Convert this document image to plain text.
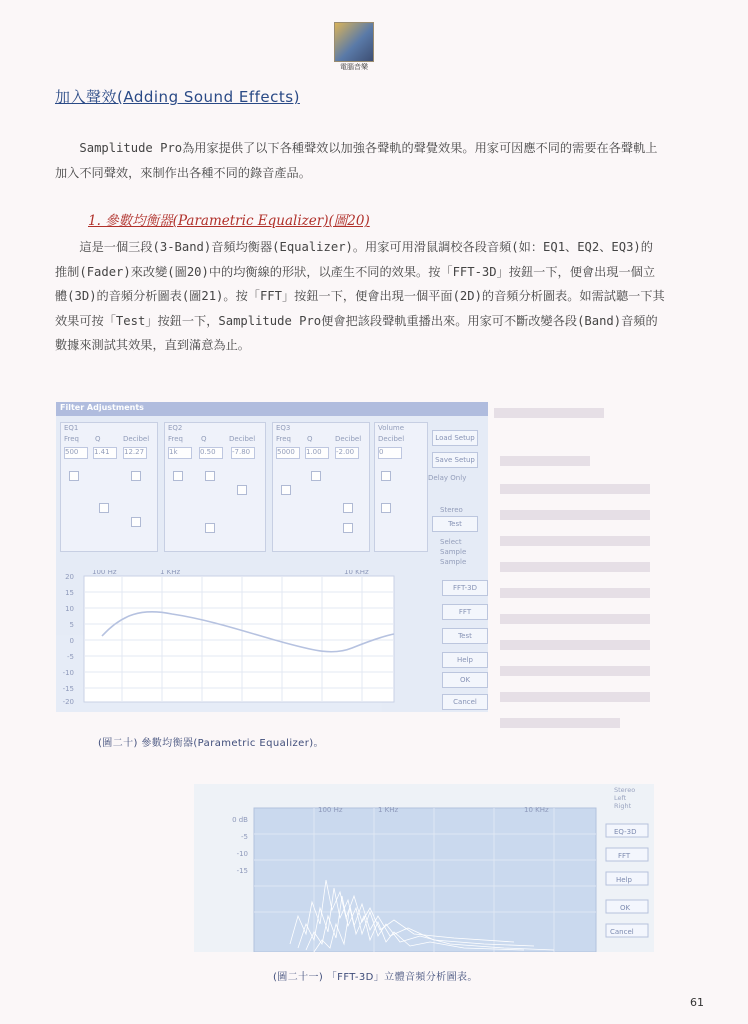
電腦音樂
加入聲效(Adding Sound Effects)
Samplitude Pro為用家提供了以下各種聲效以加強各聲軌的聲覺效果。用家可因應不同的需要在各聲軌上加入不同聲效，來制作出各種不同的錄音產品。
1. 參數均衡器(Parametric Equalizer)(圖20)
這是一個三段(3-Band)音頻均衡器(Equalizer)。用家可用滑鼠調校各段音頻(如：EQ1、EQ2、EQ3)的推制(Fader)來改變(圖20)中的均衡線的形狀，以產生不同的效果。按「FFT-3D」按鈕一下，便會出現一個立體(3D)的音頻分析圖表(圖21)。按「FFT」按鈕一下，便會出現一個平面(2D)的音頻分析圖表。如需試聽一下其效果可按「Test」按鈕一下，Samplitude Pro便會把該段聲軌重播出來。用家可不斷改變各段(Band)音頻的數據來測試其效果，直到滿意為止。
Filter Adjustments
EQ1
Freq Q	Decibel
500	1.41	12.27
EQ2
Freq	Q	Decibel
1k	0.50	-7.80
EQ3
Freq Q	Decibel
5000	1.00	-2.00
Volume
Decibel
0
Load Setup
Save Setup
Delay Only
Stereo
Test
Select
Sample
Sample
FFT-3D
FFT
Test
Help
OK
Cancel
100 Hz	1 KHz	10 KHz
20
15
10
5
0
-5
-10
-15
-20
(圖二十) 參數均衡器(Parametric Equalizer)。
100 Hz	1 KHz	10 KHz
0 dB
-5
-10
-15
Stereo
Left
Right
EQ-3D
FFT
Help
OK
Cancel
(圖二十一) 「FFT-3D」立體音頻分析圖表。
61
